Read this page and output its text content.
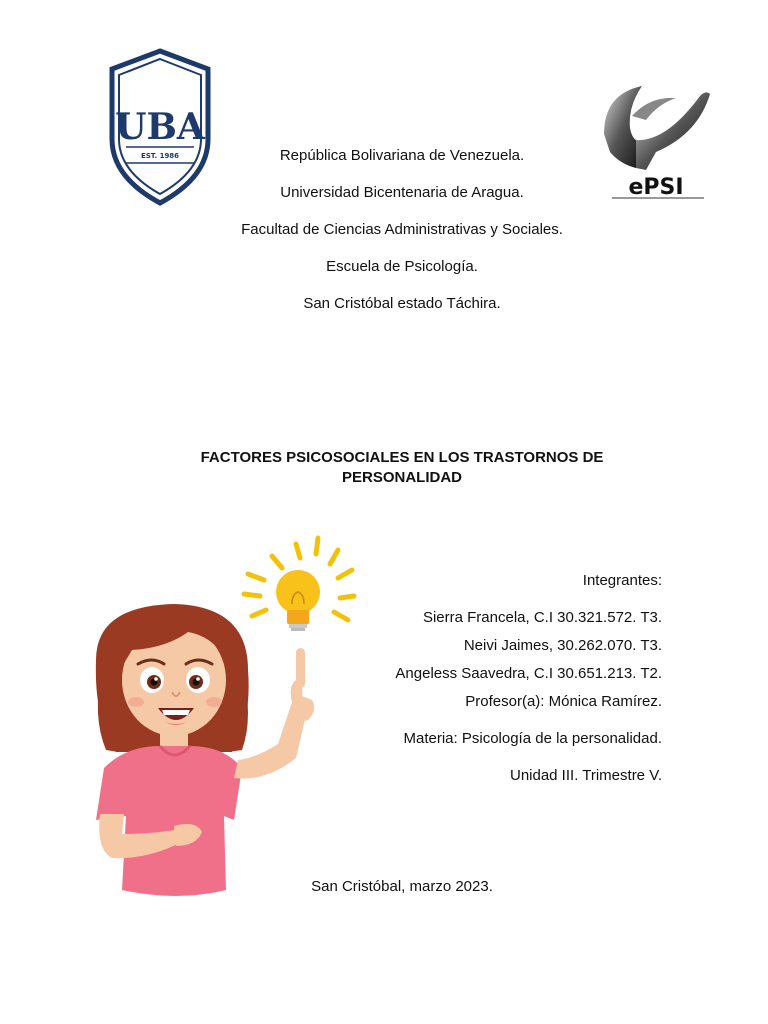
UBA
EST. 1986
ePSI
República Bolivariana de Venezuela.
Universidad Bicentenaria de Aragua.
Facultad de Ciencias Administrativas y Sociales.
Escuela de Psicología.
San Cristóbal estado Táchira.
FACTORES PSICOSOCIALES EN LOS TRASTORNOS DE
PERSONALIDAD
Integrantes:
Sierra Francela, C.I 30.321.572. T3.
Neivi Jaimes, 30.262.070. T3.
Angeless Saavedra, C.I 30.651.213. T2.
Profesor(a): Mónica Ramírez.
Materia: Psicología de la personalidad.
Unidad III. Trimestre V.
San Cristóbal, marzo 2023.
